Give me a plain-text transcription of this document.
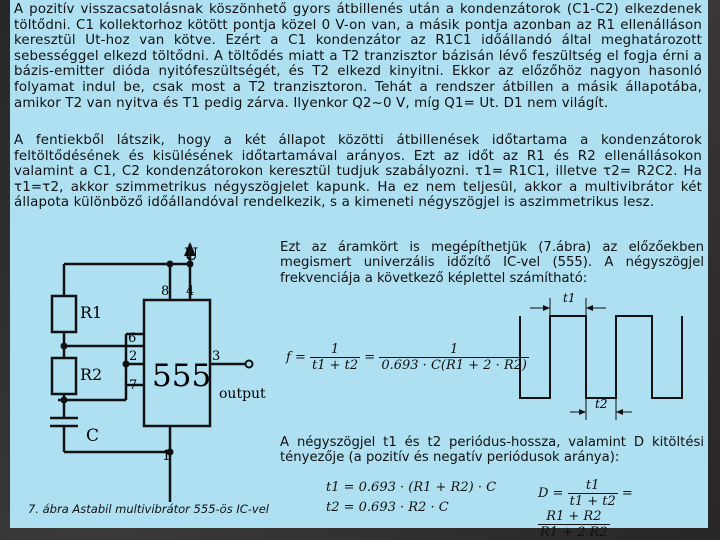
A pozitív visszacsatolásnak köszönhető gyors átbillenés után a kondenzátorok (C1-C2) elkezdenek töltődni. C1 kollektorhoz kötött pontja közel 0 V-on van, a másik pontja azonban az R1 ellenálláson keresztül Ut-hoz van kötve. Ezért a C1 kondenzátor az R1C1 időállandó által meghatározott sebességgel elkezd töltődni. A töltődés miatt a T2 tranzisztor bázisán lévő feszültség el fogja érni a bázis-emitter dióda nyitófeszültségét, és T2 elkezd kinyitni. Ekkor az előzőhöz nagyon hasonló folyamat indul be, csak most a T2 tranzisztoron. Tehát a rendszer átbillen a másik állapotába, amikor T2 van nyitva és T1 pedig zárva. Ilyenkor Q2~0 V, míg Q1= Ut. D1 nem világít.

A fentiekből látszik, hogy a két állapot közötti átbillenések időtartama a kondenzátorok feltöltődésének és kisülésének időtartamával arányos. Ezt az időt az R1 és R2 ellenállásokon valamint a C1, C2 kondenzátorokon keresztül tudjuk szabályozni. τ1= R1C1, illetve τ2= R2C2. Ha τ1=τ2, akkor szimmetrikus négyszögjelet kapunk. Ha ez nem teljesül, akkor a multivibrátor két állapota különböző időállandóval rendelkezik, s a kimeneti négyszögjel is aszimmetrikus lesz.

Ezt az áramkört is megépíthetjük (7.ábra) az előzőekben megismert univerzális időzítő IC-vel (555). A négyszögjel frekvenciája a következő képlettel számítható:

A négyszögjel t1 és t2 periódus-hossza, valamint D kitöltési tényezője (a pozitív és negatív periódusok aránya):

U
R1
R2
C
555 output
8 4
6
2
7
3
1
7. ábra Astabil multivibrátor 555-ös IC-vel
t1
t2
$f = \frac{1}{t1 + t2} = \frac{1}{0.693 \cdot C(R1 + 2 \cdot R2)}$
t1 = 0.693 · (R1 + R2) · C
t2 = 0.693 · R2 · C
$D = \frac{t1}{t1 + t2}$ =
$\frac{R1 + R2}{R1 + 2 R2}$
